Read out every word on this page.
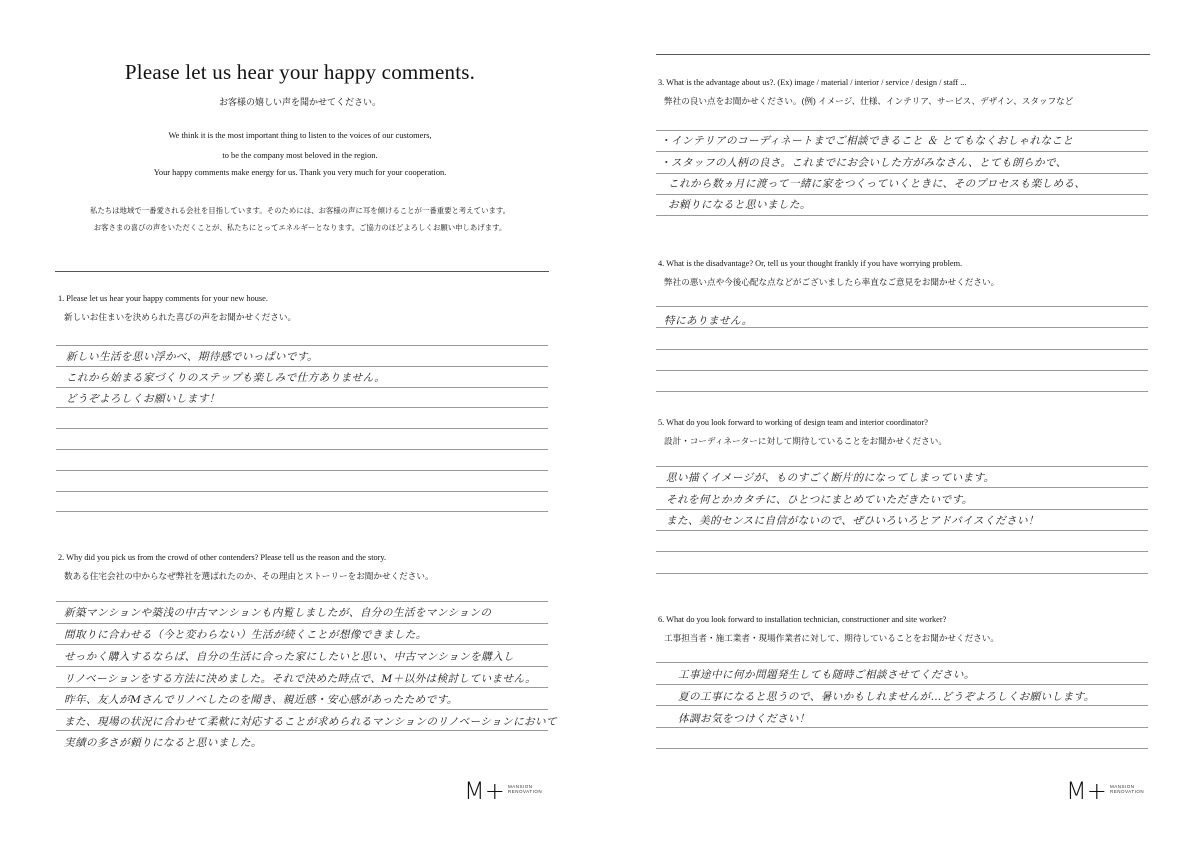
Please let us hear your happy comments.
お客様の嬉しい声を聞かせてください。
We think it is the most important thing to listen to the voices of our customers,
to be the company most beloved in the region.
Your happy comments make energy for us. Thank you very much for your cooperation.
私たちは地域で一番愛される会社を目指しています。そのためには、お客様の声に耳を傾けることが一番重要と考えています。
お客さまの喜びの声をいただくことが、私たちにとってエネルギーとなります。ご協力のほどよろしくお願い申しあげます。
1. Please let us hear your happy comments for your new house.
新しいお住まいを決められた喜びの声をお聞かせください。
新しい生活を思い浮かべ、期待感でいっぱいです。
これから始まる家づくりのステップも楽しみで仕方ありません。
どうぞよろしくお願いします！
2. Why did you pick us from the crowd of other contenders? Please tell us the reason and the story.
数ある住宅会社の中からなぜ弊社を選ばれたのか、その理由とストーリーをお聞かせください。
新築マンションや築浅の中古マンションも内覧しましたが、自分の生活をマンションの
間取りに合わせる（今と変わらない）生活が続くことが想像できました。
せっかく購入するならば、自分の生活に合った家にしたいと思い、中古マンションを購入し
リノベーションをする方法に決めました。それで決めた時点で、M＋以外は検討していません。
昨年、友人がMさんでリノベしたのを聞き、親近感・安心感があったためです。
また、現場の状況に合わせて柔軟に対応することが求められるマンションのリノベーションにおいて
実績の多さが頼りになると思いました。
M+ MANSION
RENOVATION
3. What is the advantage about us?. (Ex) image / material / interior / service / design / staff ...
弊社の良い点をお聞かせください。(例) イメージ、仕様、インテリア、サービス、デザイン、スタッフなど
・インテリアのコーディネートまでご相談できること ＆ とてもなくおしゃれなこと
・スタッフの人柄の良さ。これまでにお会いした方がみなさん、とても朗らかで、
これから数ヵ月に渡って一緒に家をつくっていくときに、そのプロセスも楽しめる、
お頼りになると思いました。
4. What is the disadvantage? Or, tell us your thought frankly if you have worrying problem.
弊社の悪い点や今後心配な点などがございましたら率直なご意見をお聞かせください。
特にありません。
5. What do you look forward to working of design team and interior coordinator?
設計・コーディネーターに対して期待していることをお聞かせください。
思い描くイメージが、ものすごく断片的になってしまっています。
それを何とかカタチに、ひとつにまとめていただきたいです。
また、美的センスに自信がないので、ぜひいろいろとアドバイスください！
6. What do you look forward to installation technician, constructioner and site worker?
工事担当者・施工業者・現場作業者に対して、期待していることをお聞かせください。
工事途中に何か問題発生しても随時ご相談させてください。
夏の工事になると思うので、暑いかもしれませんが…どうぞよろしくお願いします。
体調お気をつけください！
M+ MANSION
RENOVATION
